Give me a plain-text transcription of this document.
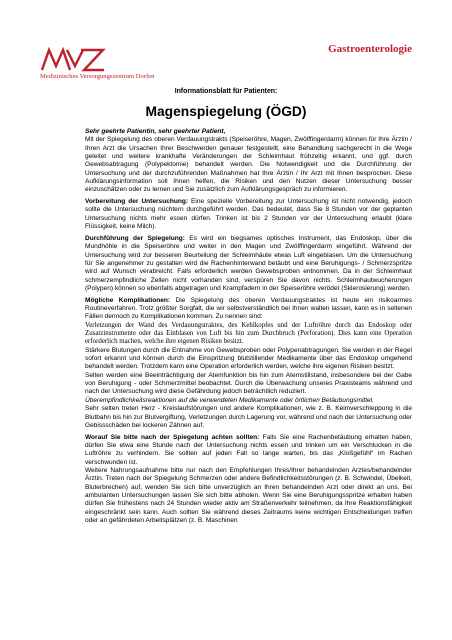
Medizinisches Versorgungszentrum Dorfen
Gastroenterologie
Informationsblatt für Patienten:
Magenspiegelung (ÖGD)

Sehr geehrte Patientin, sehr geehrter Patient,
Mit der Spiegelung des oberen Verdauungstrakts (Speiseröhre, Magen, Zwölffingerdarm) können für Ihre Ärztin / Ihren Arzt die Ursachen Ihrer Beschwerden genauer festgestellt, eine Behandlung sachgerecht in die Wege geleitet und weitere krankhafte Veränderungen der Schleimhaut frühzeitig erkannt, und ggf. durch Gewebsabtragung (Polypektomie) behandelt werden. Die Notwendigkeit und die Durchführung der Untersuchung und der durchzuführenden Maßnahmen hat Ihre Ärztin / Ihr Arzt mit Ihnen besprochen. Diese Aufklärungsinformation soll Ihnen helfen, die Risiken und den Nutzen dieser Untersuchung besser einzuschätzen oder zu lernen und Sie zusätzlich zum Aufklärungsgespräch zu informieren.

Vorbereitung der Untersuchung: Eine spezielle Vorbereitung zur Untersuchung ist nicht notwendig, jedoch sollte die Untersuchung nüchtern durchgeführt werden. Das bedeutet, dass Sie 8 Stunden vor der geplanten Untersuchung nichts mehr essen dürfen. Trinken ist bis 2 Stunden vor der Untersuchung erlaubt (klare Flüssigkeit, keine Milch).

Durchführung der Spiegelung: Es wird ein biegsames optisches Instrument, das Endoskop, über die Mundhöhle in die Speiseröhre und weiter in den Magen und Zwölffingerdarm eingeführt. Während der Untersuchung wird zur besseren Beurteilung der Schleimhäute etwas Luft eingeblasen. Um die Untersuchung für Sie angenehmer zu gestalten wird die Rachenhinterwand betäubt und eine Beruhigungs- / Schmerzspritze wird auf Wunsch verabreicht. Falls erforderlich werden Gewebsproben entnommen. Da in der Schleimhaut schmerzempfindliche Zellen nicht vorhanden sind, verspüren Sie davon nichts. Schleimhautwucherungen (Polypen) können so ebenfalls abgetragen und Krampfadern in der Speiseröhre verödet (Sklerosierung) werden.

Mögliche Komplikationen: Die Spiegelung des oberen Verdauungstraktes ist heute ein risikoarmes Routineverfahren. Trotz größter Sorgfalt, die wir selbstverständlich bei Ihnen walten lassen, kann es in seltenen Fällen dennoch zu Komplikationen kommen. Zu nennen sind:
Verletzungen der Wand des Verdauungstraktes, des Kehlkopfes und der Luftröhre durch das Endoskop oder Zusatzinstrumente oder das Einblasen von Luft bis hin zum Durchbruch (Perforation). Dies kann eine Operation erforderlich machen, welche ihre eigenen Risiken besitzt.
Stärkere Blutungen durch die Entnahme von Gewebsproben oder Polypenabtragungen. Sie werden in der Regel sofort erkannt und können durch die Einspritzung blutstillender Medikamente über das Endoskop umgehend behandelt werden. Trotzdem kann eine Operation erforderlich werden, welche ihre eigenen Risiken besitzt.
Selten werden eine Beeinträchtigung der Atemfunktion bis hin zum Atemstillstand, insbesondere bei der Gabe von Beruhigung - oder Schmerzmittel beobachtet. Durch die Überwachung unseres Praxisteams während und nach der Untersuchung wird diese Gefährdung jedoch beträchtlich reduziert.
Überempfindlichkeitsreaktionen auf die verwendeten Medikamente oder örtlichen Betäubungsmittel.
Sehr selten treten Herz - Kreislaufstörungen und andere Komplikationen, wie z. B. Keimverschleppung in die Blutbahn bis hin zur Blutvergiftung, Verletzungen durch Lagerung vor, während und nach der Untersuchung oder Gebissschäden bei lockeren Zähnen auf.

Worauf Sie bitte nach der Spiegelung achten sollten: Falls Sie eine Rachenbetäubung erhalten haben, dürfen Sie etwa eine Stunde nach der Untersuchung nichts essen und trinken um ein Verschlucken in die Luftröhre zu verhindern. Sie sollten auf jeden Fall so lange warten, bis das „Kloßgefühl“ im Rachen verschwunden ist.
Weitere Nahrungsaufnahme bitte nur nach den Empfehlungen Ihres/Ihrer behandelnden Arztes/behandelnder Ärztin. Treten nach der Spiegelung Schmerzen oder andere Befindlichkeitsstörungen (z. B. Schwindel, Übelkeit, Bluterbrechen) auf, wenden Sie sich bitte unverzüglich an Ihren behandelnden Arzt oder direkt an uns. Bei ambulanten Untersuchungen lassen Sie sich bitte abholen. Wenn Sie eine Beruhigungsspritze erhalten haben dürfen Sie frühestens nach 24 Stunden wieder aktiv am Straßenverkehr teilnehmen, da Ihre Reaktionsfähigkeit eingeschränkt sein kann. Auch sollten Sie während dieses Zeitraums keine wichtigen Entscheidungen treffen oder an gefährdeten Arbeitsplätzen (z. B. Maschinen
